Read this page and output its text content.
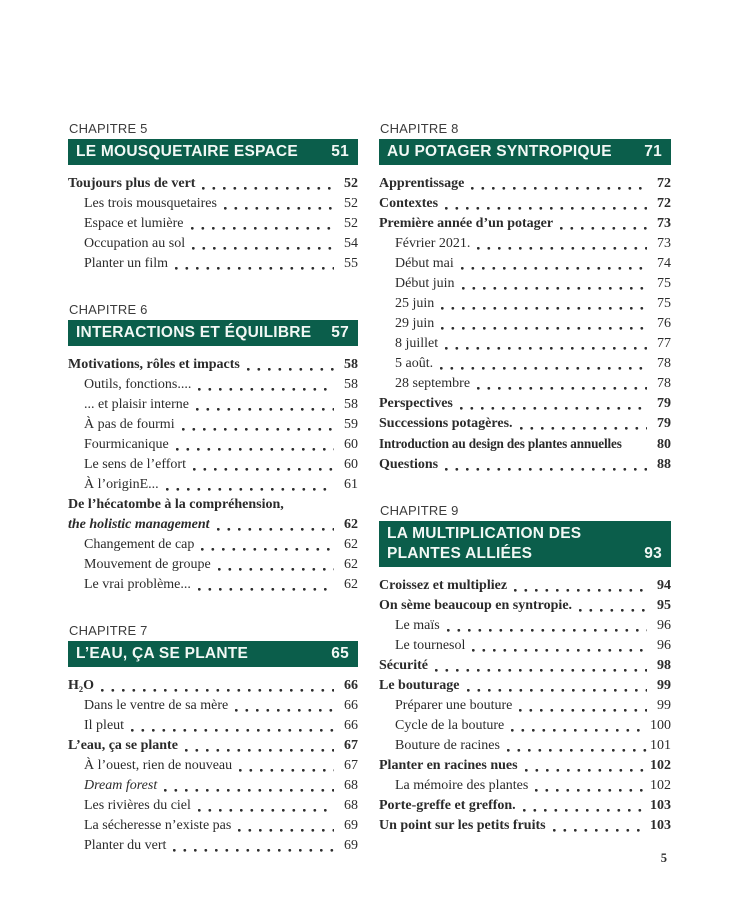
CHAPITRE 5
LE MOUSQUETAIRE ESPACE	51
Toujours plus de vert	52
Les trois mousquetaires	52
Espace et lumière	52
Occupation au sol	54
Planter un film	55
CHAPITRE 6
INTERACTIONS ET ÉQUILIBRE	57
Motivations, rôles et impacts	58
Outils, fonctions....	58
... et plaisir interne	58
À pas de fourmi	59
Fourmicanique	60
Le sens de l’effort	60
À l’originE...	61
De l’hécatombe à la compréhension,
the holistic management	62
Changement de cap	62
Mouvement de groupe	62
Le vrai problème...	62
CHAPITRE 7
L’EAU, ÇA SE PLANTE	65
H₂O	66
Dans le ventre de sa mère	66
Il pleut	66
L’eau, ça se plante	67
À l’ouest, rien de nouveau	67
Dream forest	68
Les rivières du ciel	68
La sécheresse n’existe pas	69
Planter du vert	69
CHAPITRE 8
AU POTAGER SYNTROPIQUE	71
Apprentissage	72
Contextes	72
Première année d’un potager	73
Février 2021.	73
Début mai	74
Début juin	75
25 juin	75
29 juin	76
8 juillet	77
5 août.	78
28 septembre	78
Perspectives	79
Successions potagères.	79
Introduction au design des plantes annuelles	80
Questions	88
CHAPITRE 9
LA MULTIPLICATION DES PLANTES ALLIÉES	93
Croissez et multipliez	94
On sème beaucoup en syntropie.	95
Le maïs	96
Le tournesol	96
Sécurité	98
Le bouturage	99
Préparer une bouture	99
Cycle de la bouture	100
Bouture de racines	101
Planter en racines nues	102
La mémoire des plantes	102
Porte-greffe et greffon.	103
Un point sur les petits fruits	103
5
